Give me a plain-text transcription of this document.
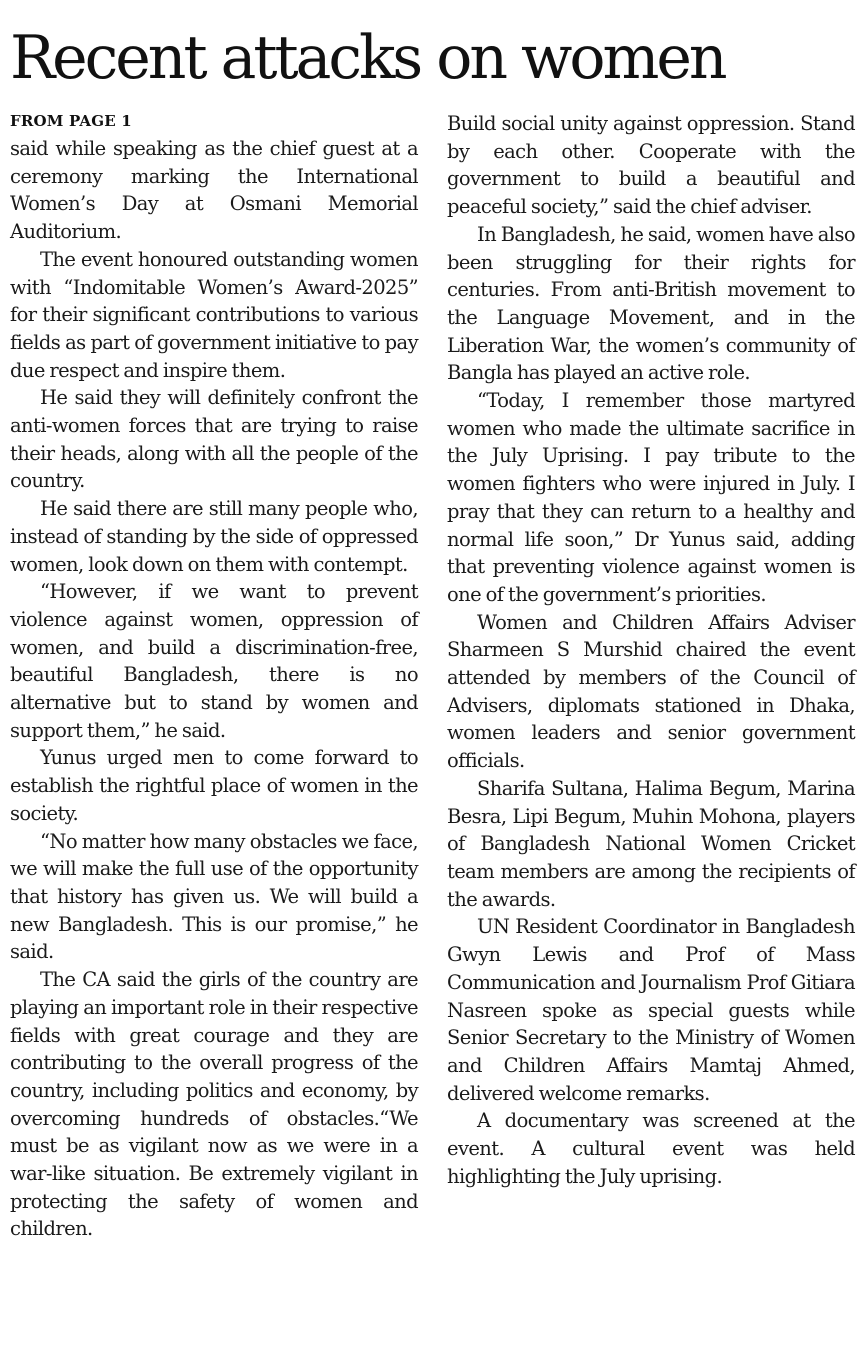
Recent attacks on women
FROM PAGE 1

said while speaking as the chief guest at a ceremony marking the International Women’s Day at Osmani Memorial Auditorium.

The event honoured outstanding women with “Indomitable Women’s Award-2025” for their significant contributions to various fields as part of government initiative to pay due respect and inspire them.

He said they will definitely confront the anti-women forces that are trying to raise their heads, along with all the people of the country.

He said there are still many people who, instead of standing by the side of oppressed women, look down on them with contempt.

“However, if we want to prevent violence against women, oppression of women, and build a discrimination-free, beautiful Bangladesh, there is no alternative but to stand by women and support them,” he said.

Yunus urged men to come forward to establish the rightful place of women in the society.

“No matter how many obstacles we face, we will make the full use of the opportunity that history has given us. We will build a new Bangladesh. This is our promise,” he said.

The CA said the girls of the country are playing an important role in their respective fields with great courage and they are contributing to the overall progress of the country, including politics and economy, by overcoming hundreds of obstacles.“We must be as vigilant now as we were in a war-like situation. Be extremely vigilant in protecting the safety of women and children.

Build social unity against oppression. Stand by each other. Cooperate with the government to build a beautiful and peaceful society,” said the chief adviser.

In Bangladesh, he said, women have also been struggling for their rights for centuries. From anti-British movement to the Language Movement, and in the Liberation War, the women’s community of Bangla has played an active role.

“Today, I remember those martyred women who made the ultimate sacrifice in the July Uprising. I pay tribute to the women fighters who were injured in July. I pray that they can return to a healthy and normal life soon,” Dr Yunus said, adding that preventing violence against women is one of the government’s priorities.

Women and Children Affairs Adviser Sharmeen S Murshid chaired the event attended by members of the Council of Advisers, diplomats stationed in Dhaka, women leaders and senior government officials.

Sharifa Sultana, Halima Begum, Marina Besra, Lipi Begum, Muhin Mohona, players of Bangladesh National Women Cricket team members are among the recipients of the awards.

UN Resident Coordinator in Bangladesh Gwyn Lewis and Prof of Mass Communication and Journalism Prof Gitiara Nasreen spoke as special guests while Senior Secretary to the Ministry of Women and Children Affairs Mamtaj Ahmed, delivered welcome remarks.

A documentary was screened at the event. A cultural event was held highlighting the July uprising.
